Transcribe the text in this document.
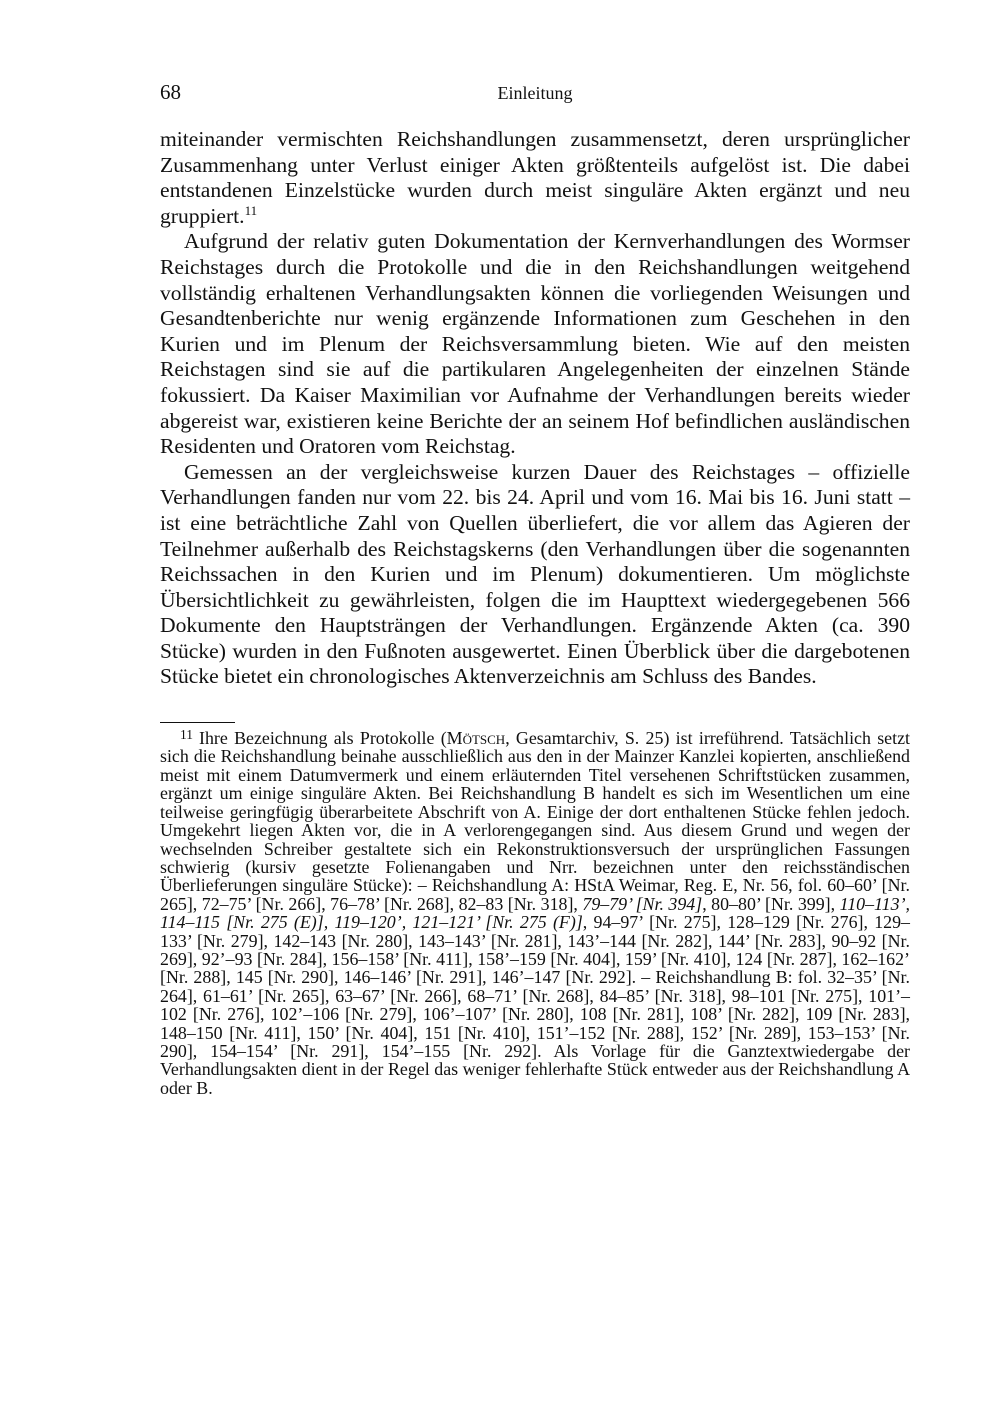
68	Einleitung

miteinander vermischten Reichshandlungen zusammensetzt, deren ursprünglicher Zusammenhang unter Verlust einiger Akten größtenteils aufgelöst ist. Die dabei entstandenen Einzelstücke wurden durch meist singuläre Akten ergänzt und neu gruppiert.$^{11}$

Aufgrund der relativ guten Dokumentation der Kernverhandlungen des Wormser Reichstages durch die Protokolle und die in den Reichshandlungen weitgehend vollständig erhaltenen Verhandlungsakten können die vorliegenden Weisungen und Gesandtenberichte nur wenig ergänzende Informationen zum Geschehen in den Kurien und im Plenum der Reichsversammlung bieten. Wie auf den meisten Reichstagen sind sie auf die partikularen Angelegenheiten der einzelnen Stände fokussiert. Da Kaiser Maximilian vor Aufnahme der Verhandlungen bereits wieder abgereist war, existieren keine Berichte der an seinem Hof befindlichen ausländischen Residenten und Oratoren vom Reichstag.

Gemessen an der vergleichsweise kurzen Dauer des Reichstages – offizielle Verhandlungen fanden nur vom 22. bis 24. April und vom 16. Mai bis 16. Juni statt – ist eine beträchtliche Zahl von Quellen überliefert, die vor allem das Agieren der Teilnehmer außerhalb des Reichstagskerns (den Verhandlungen über die sogenannten Reichssachen in den Kurien und im Plenum) dokumentieren. Um möglichste Übersichtlichkeit zu gewährleisten, folgen die im Haupttext wiedergegebenen 566 Dokumente den Hauptsträngen der Verhandlungen. Ergänzende Akten (ca. 390 Stücke) wurden in den Fußnoten ausgewertet. Einen Überblick über die dargebotenen Stücke bietet ein chronologisches Aktenverzeichnis am Schluss des Bandes.

$^{11}$ Ihre Bezeichnung als Protokolle (Mötsch, Gesamtarchiv, S. 25) ist irreführend. Tatsächlich setzt sich die Reichshandlung beinahe ausschließlich aus den in der Mainzer Kanzlei kopierten, anschließend meist mit einem Datumvermerk und einem erläuternden Titel versehenen Schriftstücken zusammen, ergänzt um einige singuläre Akten. Bei Reichshandlung B handelt es sich im Wesentlichen um eine teilweise geringfügig überarbeitete Abschrift von A. Einige der dort enthaltenen Stücke fehlen jedoch. Umgekehrt liegen Akten vor, die in A verlorengegangen sind. Aus diesem Grund und wegen der wechselnden Schreiber gestaltete sich ein Rekonstruktionsversuch der ursprünglichen Fassungen schwierig (kursiv gesetzte Folienangaben und Nrr. bezeichnen unter den reichsständischen Überlieferungen singuläre Stücke): – Reichshandlung A: HStA Weimar, Reg. E, Nr. 56, fol. 60–60’ [Nr. 265], 72–75’ [Nr. 266], 76–78’ [Nr. 268], 82–83 [Nr. 318], 79–79’ [Nr. 394], 80–80’ [Nr. 399], 110–113’, 114–115 [Nr. 275 (E)], 119–120’, 121–121’ [Nr. 275 (F)], 94–97’ [Nr. 275], 128–129 [Nr. 276], 129–133’ [Nr. 279], 142–143 [Nr. 280], 143–143’ [Nr. 281], 143’–144 [Nr. 282], 144’ [Nr. 283], 90–92 [Nr. 269], 92’–93 [Nr. 284], 156–158’ [Nr. 411], 158’–159 [Nr. 404], 159’ [Nr. 410], 124 [Nr. 287], 162–162’ [Nr. 288], 145 [Nr. 290], 146–146’ [Nr. 291], 146’–147 [Nr. 292]. – Reichshandlung B: fol. 32–35’ [Nr. 264], 61–61’ [Nr. 265], 63–67’ [Nr. 266], 68–71’ [Nr. 268], 84–85’ [Nr. 318], 98–101 [Nr. 275], 101’–102 [Nr. 276], 102’–106 [Nr. 279], 106’–107’ [Nr. 280], 108 [Nr. 281], 108’ [Nr. 282], 109 [Nr. 283], 148–150 [Nr. 411], 150’ [Nr. 404], 151 [Nr. 410], 151’–152 [Nr. 288], 152’ [Nr. 289], 153–153’ [Nr. 290], 154–154’ [Nr. 291], 154’–155 [Nr. 292]. Als Vorlage für die Ganztextwiedergabe der Verhandlungsakten dient in der Regel das weniger fehlerhafte Stück entweder aus der Reichshandlung A oder B.
